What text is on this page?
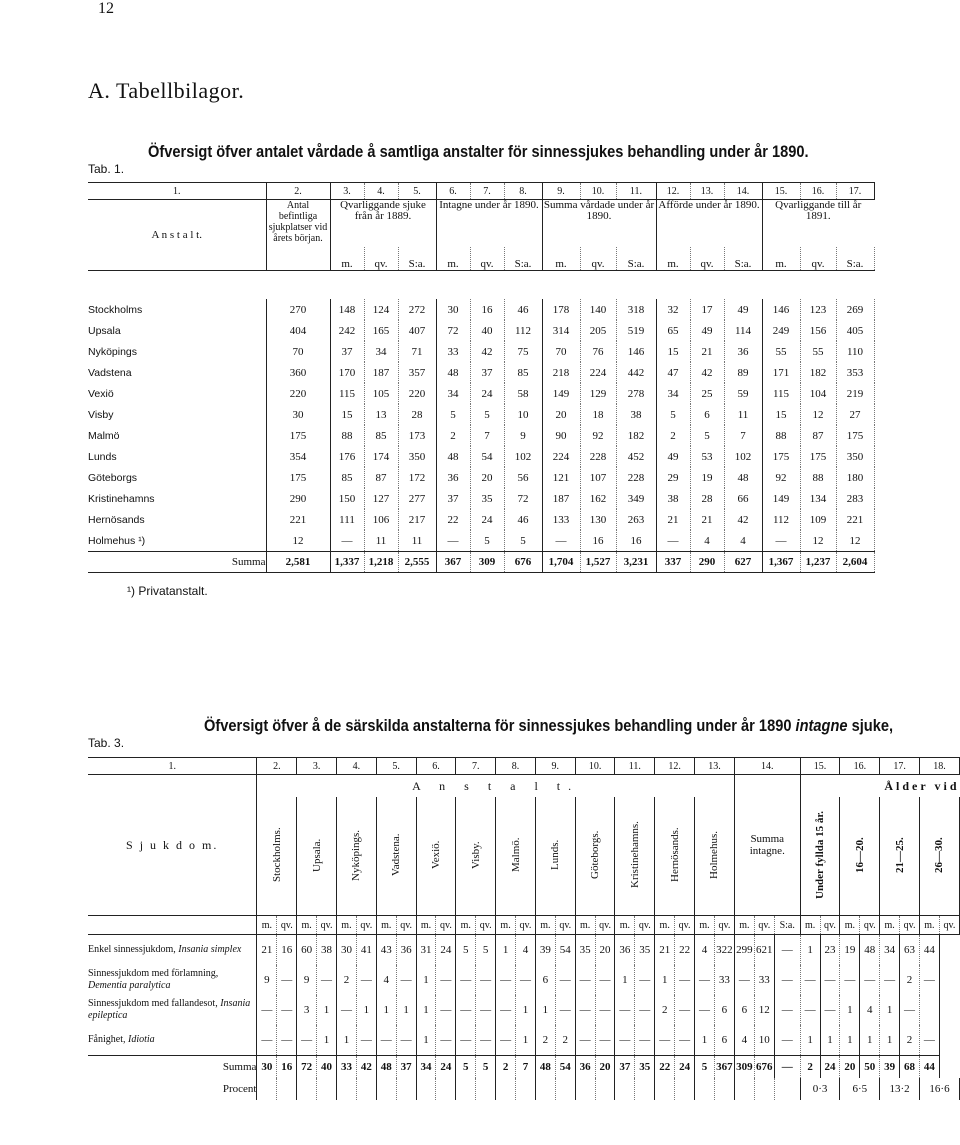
12
A. Tabellbilagor.
Öfversigt öfver antalet vårdade å samtliga anstalter för sinnessjukes behandling under år 1890.
Tab. 1.
1.	2.	3.	4.	5.	6.	7.	8.	9.	10.	11.	12.	13.	14.	15.	16.	17.
A n s t a l t.	Antal befintliga sjukplatser vid årets början.	Qvarliggande sjuke från år 1889.			Intagne under år 1890.			Summa vårdade under år 1890.			Afförde under år 1890.			Qvarliggande till år 1891.		
		m.	qv.	S:a.	m.	qv.	S:a.	m.	qv.	S:a.	m.	qv.	S:a.	m.	qv.	S:a.

Stockholms	270	148	124	272	30	16	46	178	140	318	32	17	49	146	123	269
Upsala	404	242	165	407	72	40	112	314	205	519	65	49	114	249	156	405
Nyköpings	70	37	34	71	33	42	75	70	76	146	15	21	36	55	55	110
Vadstena	360	170	187	357	48	37	85	218	224	442	47	42	89	171	182	353
Vexiö	220	115	105	220	34	24	58	149	129	278	34	25	59	115	104	219
Visby	30	15	13	28	5	5	10	20	18	38	5	6	11	15	12	27
Malmö	175	88	85	173	2	7	9	90	92	182	2	5	7	88	87	175
Lunds	354	176	174	350	48	54	102	224	228	452	49	53	102	175	175	350
Göteborgs	175	85	87	172	36	20	56	121	107	228	29	19	48	92	88	180
Kristinehamns	290	150	127	277	37	35	72	187	162	349	38	28	66	149	134	283
Hernösands	221	111	106	217	22	24	46	133	130	263	21	21	42	112	109	221
Holmehus ¹)	12	—	11	11	—	5	5	—	16	16	—	4	4	—	12	12
Summa	2,581	1,337	1,218	2,555	367	309	676	1,704	1,527	3,231	337	290	627	1,367	1,237	2,604
¹) Privatanstalt.
Tab. 3.
Öfversigt öfver å de särskilda anstalterna för sinnessjukes behandling under år 1890 intagne sjuke,
1.	2.		3.		4.		5.		6.		7.		8.		9.		10.		11.		12.		13.		14.			15.		16.		17.		18.	
S j u k d o m.	A n s t a l t.																								Summa intagne.			Ålder vid							
	Stockholms.		Upsala.		Nyköpings.		Vadstena.		Vexiö.		Visby.		Malmö.		Lunds.		Göteborgs.		Kristinehamns.		Hernösands.		Holmehus.					Under fyllda 15 år.		16—20.		21—25.		26—30.	
	m.	qv.	m.	qv.	m.	qv.	m.	qv.	m.	qv.	m.	qv.	m.	qv.	m.	qv.	m.	qv.	m.	qv.	m.	qv.	m.	qv.	m.	qv.	S:a.	m.	qv.	m.	qv.	m.	qv.	m.	qv.
Enkel sinnessjukdom, Insania simplex	21	16	60	38	30	41	43	36	31	24	5	5	1	4	39	54	35	20	36	35	21	22	4	322	299	621	—	1	23	19	48	34	63	44	
Sinnessjukdom med förlamning, Dementia paralytica	9	—	9	—	2	—	4	—	1	—	—	—	—	—	6	—	—	—	1	—	1	—	—	33	—	33	—	—	—	—	—	—	2	—	
Sinnessjukdom med fallandesot, Insania epileptica	—	—	3	1	—	1	1	1	1	—	—	—	—	1	1	—	—	—	—	—	2	—	—	6	6	12	—	—	—	1	4	1	—		
Fånighet, Idiotia	—	—	—	1	1	—	—	—	1	—	—	—	—	1	2	2	—	—	—	—	—	—	1	6	4	10	—	1	1	1	1	1	2	—	
Summa	30	16	72	40	33	42	48	37	34	24	5	5	2	7	48	54	36	20	37	35	22	24	5	367	309	676	—	2	24	20	50	39	68	44	
Procent																												0·3		6·5		13·2		16·6	
